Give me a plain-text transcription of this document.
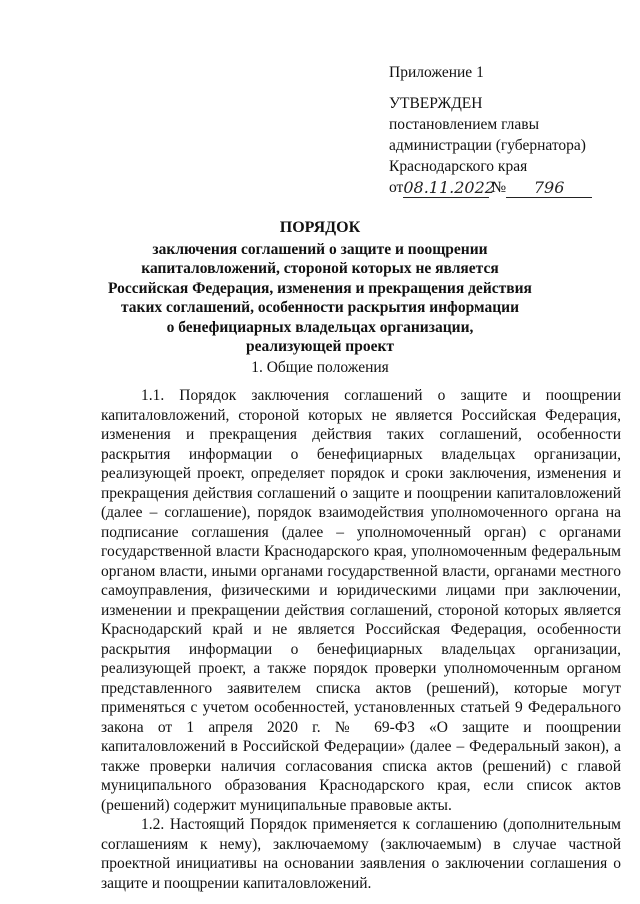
Приложение 1
УТВЕРЖДЕН
постановлением главы
администрации (губернатора)
Краснодарского края
от 08.11.2022
№	796
ПОРЯДОК
заключения соглашений о защите и поощрении
капиталовложений, стороной которых не является
Российская Федерация, изменения и прекращения действия
таких соглашений, особенности раскрытия информации
о бенефициарных владельцах организации,
реализующей проект
1. Общие положения

1.1. Порядок заключения соглашений о защите и поощрении капиталовложений, стороной которых не является Российская Федерация, изменения и прекращения действия таких соглашений, особенности раскрытия информации о бенефициарных владельцах организации, реализующей проект, определяет порядок и сроки заключения, изменения и прекращения действия соглашений о защите и поощрении капиталовложений (далее – соглашение), порядок взаимодействия уполномоченного органа на подписание соглашения (далее – уполномоченный орган) с органами государственной власти Краснодарского края, уполномоченным федеральным органом власти, иными органами государственной власти, органами местного самоуправления, физическими и юридическими лицами при заключении, изменении и прекращении действия соглашений, стороной которых является Краснодарский край и не является Российская Федерация, особенности раскрытия информации о бенефициарных владельцах организации, реализующей проект, а также порядок проверки уполномоченным органом представленного заявителем списка актов (решений), которые могут применяться с учетом особенностей, установленных статьей 9 Федерального закона от 1 апреля 2020 г. № 69-ФЗ «О защите и поощрении капиталовложений в Российской Федерации» (далее – Федеральный закон), а также проверки наличия согласования списка актов (решений) с главой муниципального образования Краснодарского края, если список актов (решений) содержит муниципальные правовые акты.

1.2. Настоящий Порядок применяется к соглашению (дополнительным соглашениям к нему), заключаемому (заключаемым) в случае частной проектной инициативы на основании заявления о заключении соглашения о защите и поощрении капиталовложений.
